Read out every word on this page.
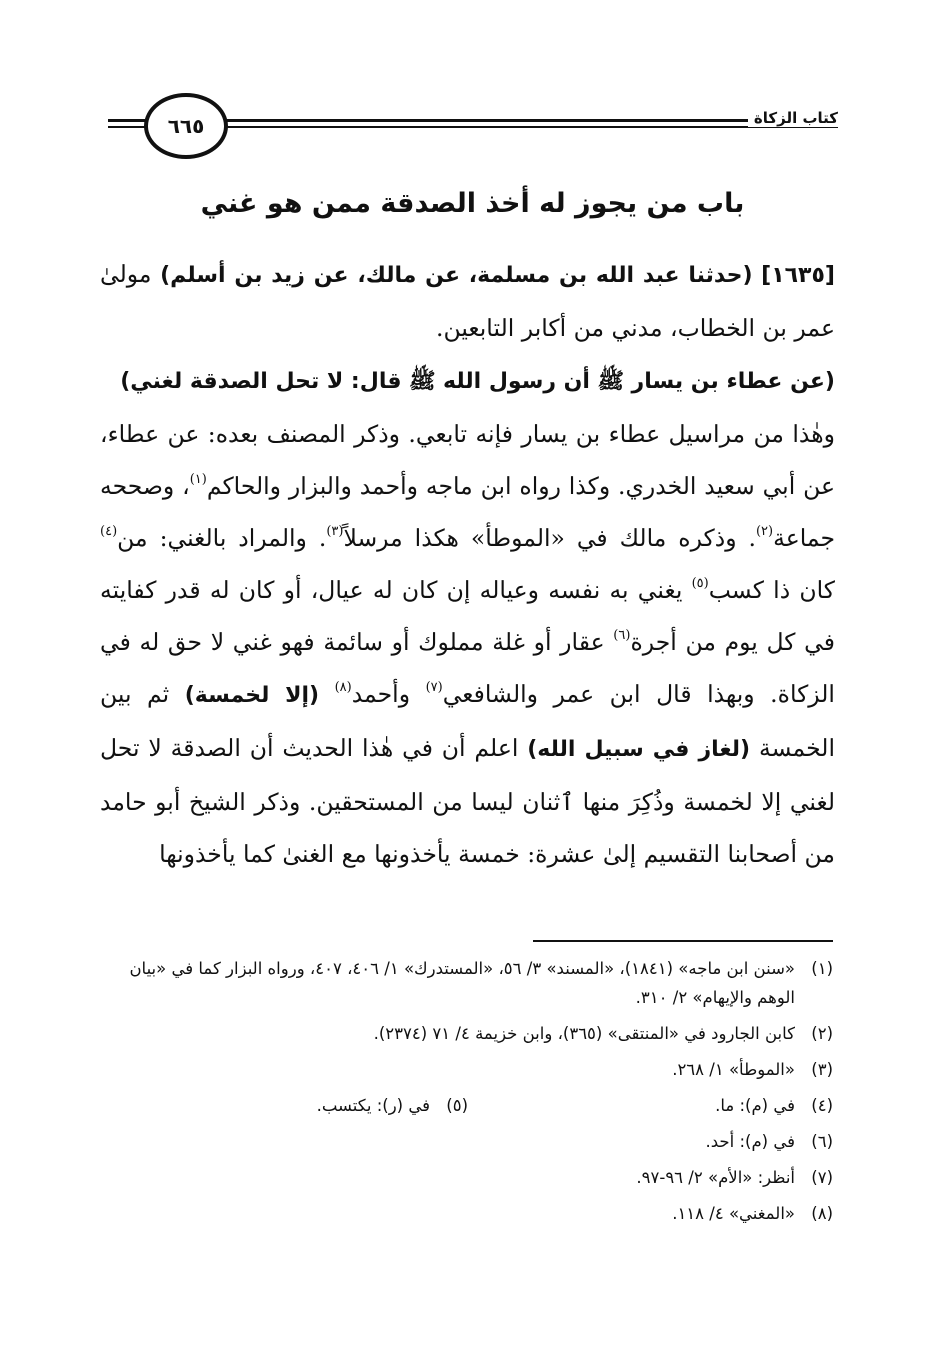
كتاب الزكاة
٦٦٥
باب من يجوز له أخذ الصدقة ممن هو غني

[١٦٣٥] (حدثنا عبد الله بن مسلمة، عن مالك، عن زيد بن أسلم) مولىٰ عمر بن الخطاب، مدني من أكابر التابعين.

(عن عطاء بن يسار ﷺ أن رسول الله ﷺ قال: لا تحل الصدقة لغني)

وهٰذا من مراسيل عطاء بن يسار فإنه تابعي. وذكر المصنف بعده: عن عطاء، عن أبي سعيد الخدري. وكذا رواه ابن ماجه وأحمد والبزار والحاكم$^{(١)}$، وصححه جماعة$^{(٢)}$. وذكره مالك في «الموطأ» هكذا مرسلاً$^{(٣)}$. والمراد بالغني: من$^{(٤)}$ كان ذا كسب$^{(٥)}$ يغني به نفسه وعياله إن كان له عيال، أو كان له قدر كفايته في كل يوم من أجرة$^{(٦)}$ عقار أو غلة مملوك أو سائمة فهو غني لا حق له في الزكاة. وبهذا قال ابن عمر والشافعي$^{(٧)}$ وأحمد$^{(٨)}$ (إلا لخمسة) ثم بين الخمسة (لغاز في سبيل الله) اعلم أن في هٰذا الحديث أن الصدقة لا تحل لغني إلا لخمسة وذُكِرَ منها ٱثنان ليسا من المستحقين. وذكر الشيخ أبو حامد من أصحابنا التقسيم إلىٰ عشرة: خمسة يأخذونها مع الغنىٰ كما يأخذونها

(١)
«سنن ابن ماجه» (١٨٤١)، «المسند» ٣/ ٥٦، «المستدرك» ١/ ٤٠٦، ٤٠٧، ورواه البزار كما في «بيان الوهم والإيهام» ٢/ ٣١٠.
(٢)
كابن الجارود في «المنتقى» (٣٦٥)، وابن خزيمة ٤/ ٧١ (٢٣٧٤).
(٣)
«الموطأ» ١/ ٢٦٨.
(٤)
في (م): ما.
(٥)
في (ر): يكتسب.
(٦)
في (م): أحد.
(٧)
أنظر: «الأم» ٢/ ٩٦-٩٧.
(٨)
«المغني» ٤/ ١١٨.
